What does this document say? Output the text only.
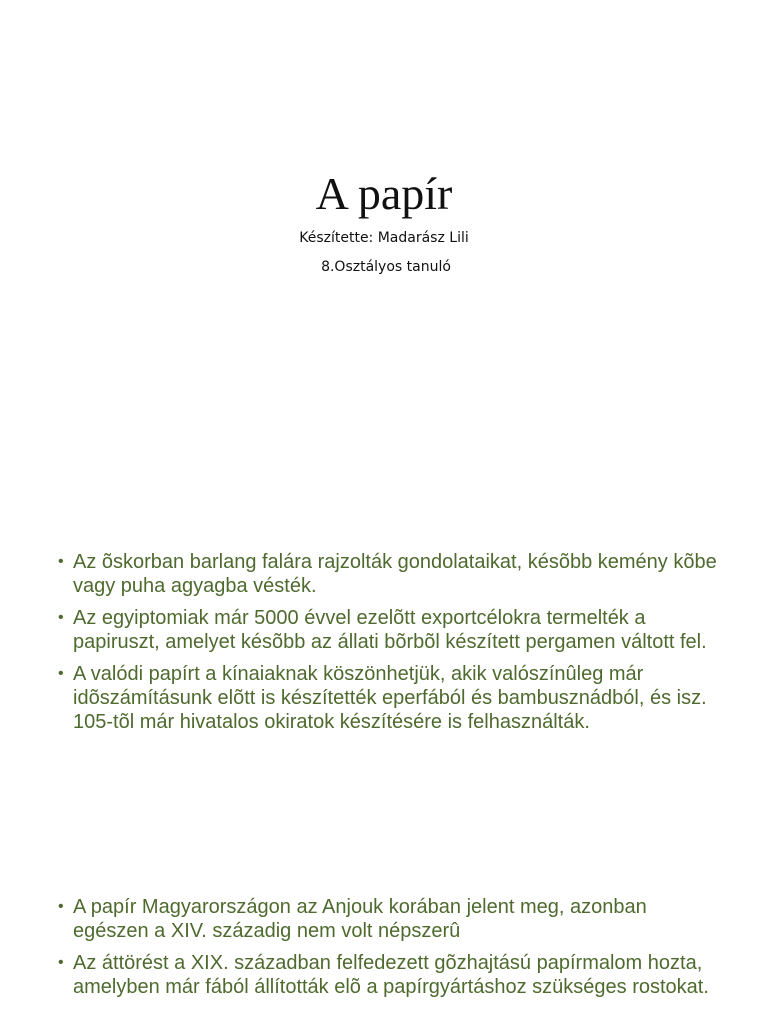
A papír
Készítette: Madarász Lili
8.Osztályos tanuló
• Az õskorban barlang falára rajzolták gondolataikat, késõbb kemény kõbe vagy puha agyagba vésték.
• Az egyiptomiak már 5000 évvel ezelõtt exportcélokra termelték a papiruszt, amelyet késõbb az állati bõrbõl készített pergamen váltott fel.
• A valódi papírt a kínaiaknak köszönhetjük, akik valószínûleg már idõszámításunk elõtt is készítették eperfából és bambusznádból, és isz. 105-tõl már hivatalos okiratok készítésére is felhasználták.
• A papír Magyarországon az Anjouk korában jelent meg, azonban egészen a XIV. századig nem volt népszerû
• Az áttörést a XIX. században felfedezett gõzhajtású papírmalom hozta, amelyben már fából állították elõ a papírgyártáshoz szükséges rostokat.
